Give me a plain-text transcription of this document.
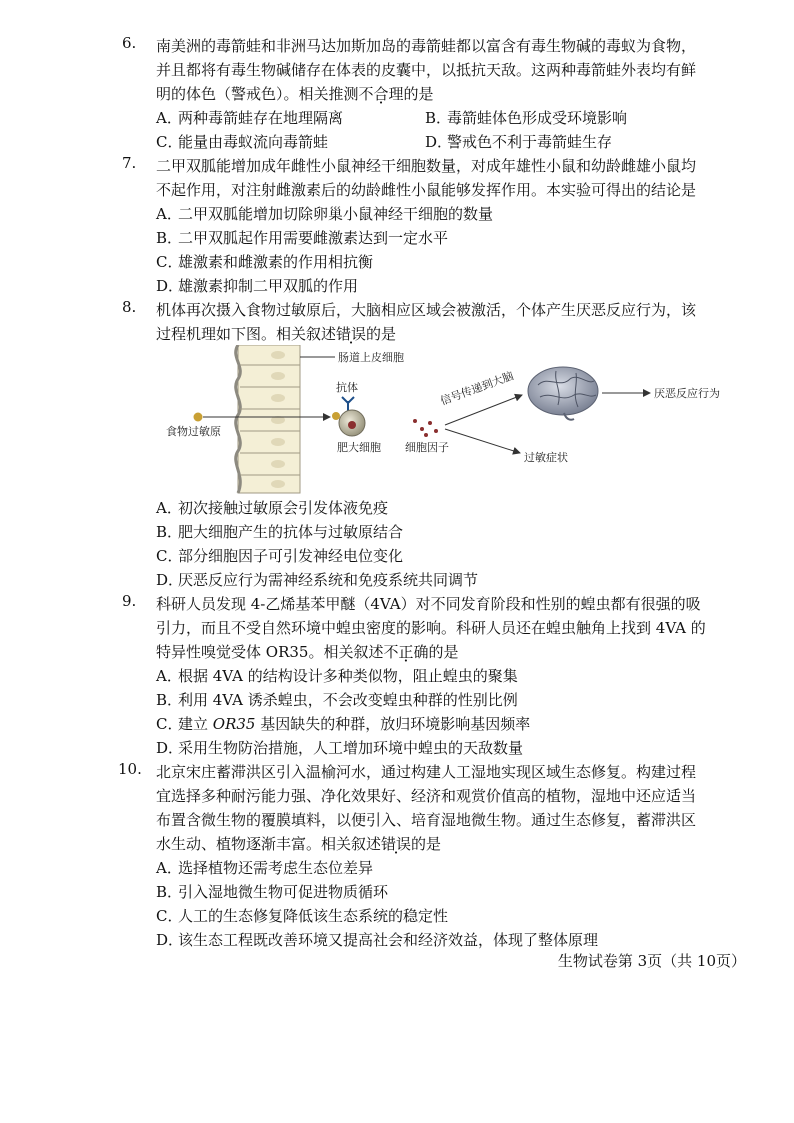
6. 南美洲的毒箭蛙和非洲马达加斯加岛的毒箭蛙都以富含有毒生物碱的毒蚁为食物，
并且都将有毒生物碱储存在体表的皮囊中，以抵抗天敌。这两种毒箭蛙外表均有鲜
明的体色（警戒色）。相关推测不合理的是
A．两种毒箭蛙存在地理隔离	B．毒箭蛙体色形成受环境影响
C．能量由毒蚁流向毒箭蛙	D．警戒色不利于毒箭蛙生存
7. 二甲双胍能增加成年雌性小鼠神经干细胞数量，对成年雄性小鼠和幼龄雌雄小鼠均
不起作用，对注射雌激素后的幼龄雌性小鼠能够发挥作用。本实验可得出的结论是
A．二甲双胍能增加切除卵巢小鼠神经干细胞的数量
B．二甲双胍起作用需要雌激素达到一定水平
C．雄激素和雌激素的作用相抗衡
D．雄激素抑制二甲双胍的作用
8. 机体再次摄入食物过敏原后，大脑相应区域会被激活，个体产生厌恶反应行为，该
过程机理如下图。相关叙述错误的是
肠道上皮细胞
食物过敏原
抗体
肥大细胞 细胞因子
信号传递到大脑
过敏症状
厌恶反应行为
A．初次接触过敏原会引发体液免疫
B．肥大细胞产生的抗体与过敏原结合
C．部分细胞因子可引发神经电位变化
D．厌恶反应行为需神经系统和免疫系统共同调节
9. 科研人员发现 4-乙烯基苯甲醚（4VA）对不同发育阶段和性别的蝗虫都有很强的吸
引力，而且不受自然环境中蝗虫密度的影响。科研人员还在蝗虫触角上找到 4VA 的
特异性嗅觉受体 OR35。相关叙述不正确的是
A．根据 4VA 的结构设计多种类似物，阻止蝗虫的聚集
B．利用 4VA 诱杀蝗虫，不会改变蝗虫种群的性别比例
C．建立 OR35 基因缺失的种群，放归环境影响基因频率
D．采用生物防治措施，人工增加环境中蝗虫的天敌数量
10. 北京宋庄蓄滞洪区引入温榆河水，通过构建人工湿地实现区域生态修复。构建过程
宜选择多种耐污能力强、净化效果好、经济和观赏价值高的植物，湿地中还应适当
布置含微生物的覆膜填料，以便引入、培育湿地微生物。通过生态修复，蓄滞洪区
水生动、植物逐渐丰富。相关叙述错误的是
A．选择植物还需考虑生态位差异
B．引入湿地微生物可促进物质循环
C．人工的生态修复降低该生态系统的稳定性
D．该生态工程既改善环境又提高社会和经济效益，体现了整体原理
生物试卷第 3页（共 10页）
